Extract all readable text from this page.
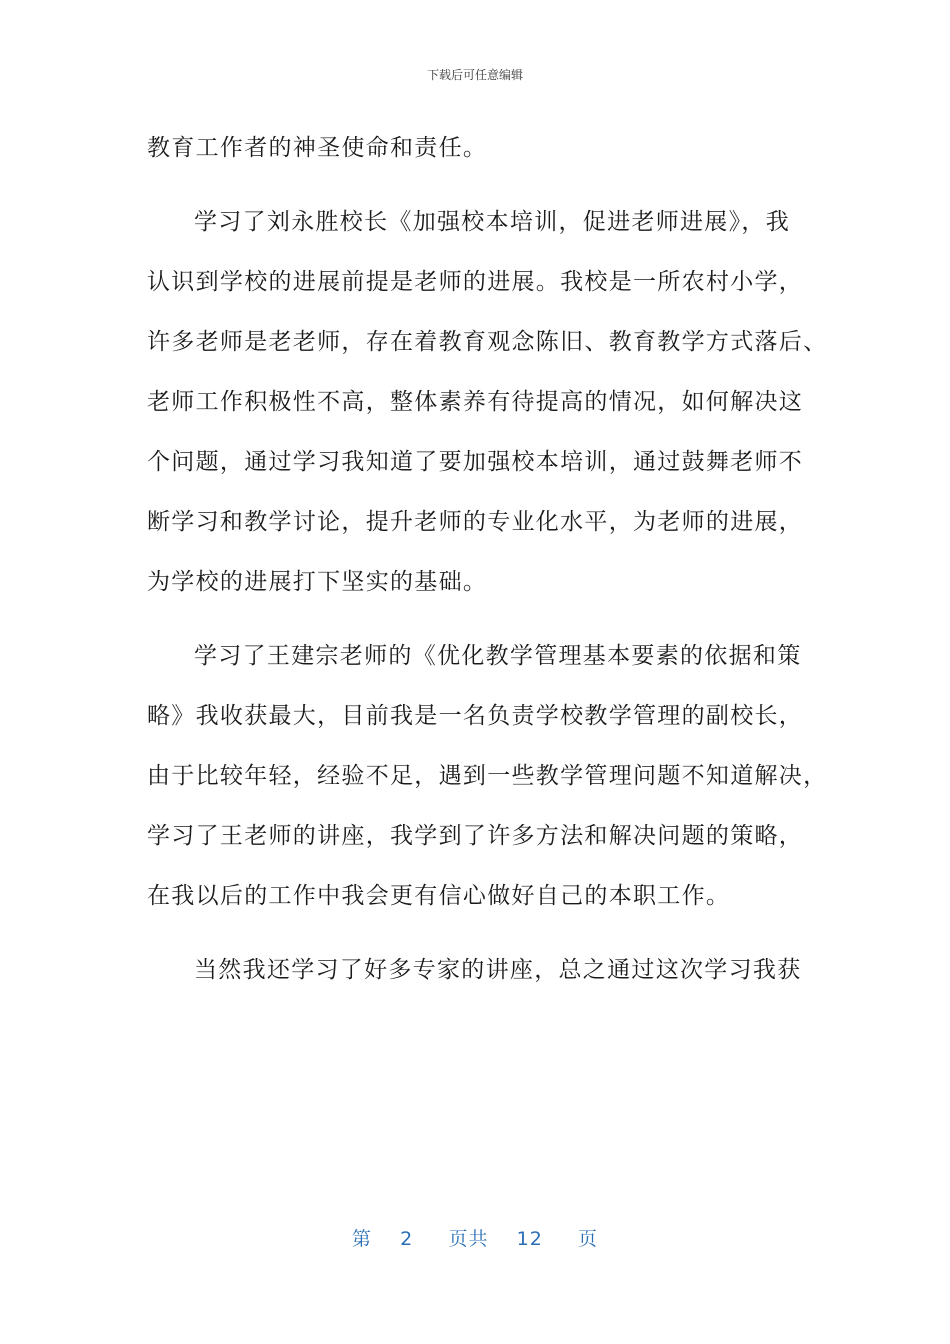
下载后可任意编辑
教育工作者的神圣使命和责任。
学习了刘永胜校长《加强校本培训，促进老师进展》，我
认识到学校的进展前提是老师的进展。我校是一所农村小学，
许多老师是老老师，存在着教育观念陈旧、教育教学方式落后、
老师工作积极性不高，整体素养有待提高的情况，如何解决这
个问题，通过学习我知道了要加强校本培训，通过鼓舞老师不
断学习和教学讨论，提升老师的专业化水平，为老师的进展，
为学校的进展打下坚实的基础。
学习了王建宗老师的《优化教学管理基本要素的依据和策
略》我收获最大，目前我是一名负责学校教学管理的副校长，
由于比较年轻，经验不足，遇到一些教学管理问题不知道解决，
学习了王老师的讲座，我学到了许多方法和解决问题的策略，
在我以后的工作中我会更有信心做好自己的本职工作。
当然我还学习了好多专家的讲座，总之通过这次学习我获
第 2 页共 12 页
